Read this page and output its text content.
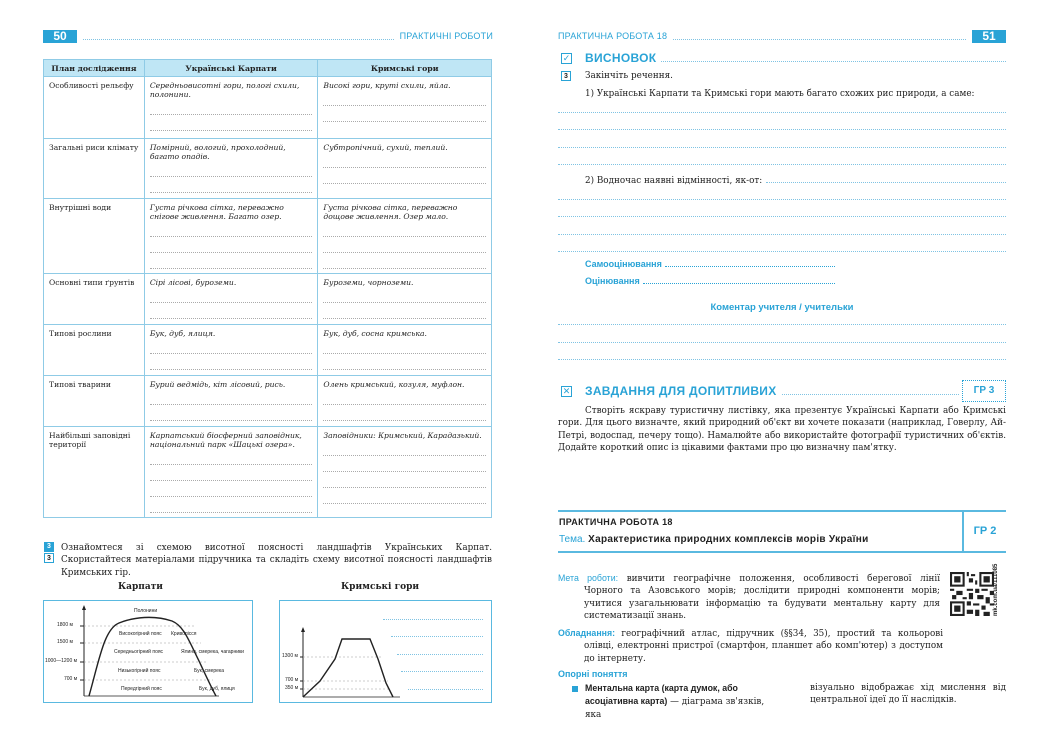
50	ПРАКТИЧНІ РОБОТИ
План дослідження	Українські Карпати	Кримські гори
Особливості рельєфу	Середньовисотні гори, пологі схили, полонини.	Високі гори, круті схили, яйла.

Загальні риси клімату	Помірний, вологий, прохолодний, багато опадів.	Субтропічний, сухий, теплий.

Внутрішні води	Густа річкова сітка, переважно снігове живлення. Багато озер.	Густа річкова сітка, переважно дощове живлення. Озер мало.

Основні типи ґрунтів	Сірі лісові, буроземи.	Буроземи, чорноземи.

Типові рослини	Бук, дуб, ялиця.	Бук, дуб, сосна кримська.

Типові тварини	Бурий ведмідь, кіт лісовий, рись.	Олень кримський, козуля, муфлон.

Найбільші заповідні території	Карпатський біосферний заповідник, національний парк «Шацькі озера».	Заповідники: Кримський, Карадазький.
3
3
Ознайомтеся зі схемою висотної поясності ландшафтів Українських Карпат. Скористайтеся матеріалами підручника та складіть схему висотної поясності ландшафтів Кримських гір.
Карпати
Полонини
1800 м
1500 м
1000—1200 м
700 м
Високогірний пояс
Середньогірний пояс
Низькогірний пояс
Передгірний пояс
Криволісся
Ялина, смерека, чагарники
Бук, смерека
Бук, дуб, ялиця
Кримські гори
1300 м
700 м
350 м
ПРАКТИЧНА РОБОТА 18	51
✓ ВИСНОВОК
3	Закінчіть речення.
1) Українські Карпати та Кримські гори мають багато схожих рис природи, а саме:
2) Водночас наявні відмінності, як-от:
Самооцінювання
Оцінювання
Коментар учителя / учительки
✕ ЗАВДАННЯ ДЛЯ ДОПИТЛИВИХ	ГР 3
Створіть яскраву туристичну листівку, яка презентує Українські Карпати або Кримські гори. Для цього визначте, який природний об'єкт ви хочете показати (наприклад, Говерлу, Ай-Петрі, водоспад, печеру тощо). Намалюйте або використайте фотографії туристичних об'єктів. Додайте короткий опис із цікавими фактами про цю визначну пам'ятку.
ПРАКТИЧНА РОБОТА 18
Тема. Характеристика природних комплексів морів України
ГР 2
Мета роботи: вивчити географічне положення, особливості берегової лінії Чорного та Азовського морів; дослідити природні компоненти морів; учитися узагальнювати інформацію та будувати ментальну карту для систематизації знань.	mk.com.ua/111085
Обладнання: географічний атлас, підручник (§§34, 35), простий та кольорові олівці, електронні пристрої (смартфон, планшет або комп'ютер) з доступом до інтернету.
Опорні поняття
Ментальна карта (карта думок, або асоціативна карта) — діаграма зв'язків, яка
візуально відображає хід мислення від центральної ідеї до її наслідків.
